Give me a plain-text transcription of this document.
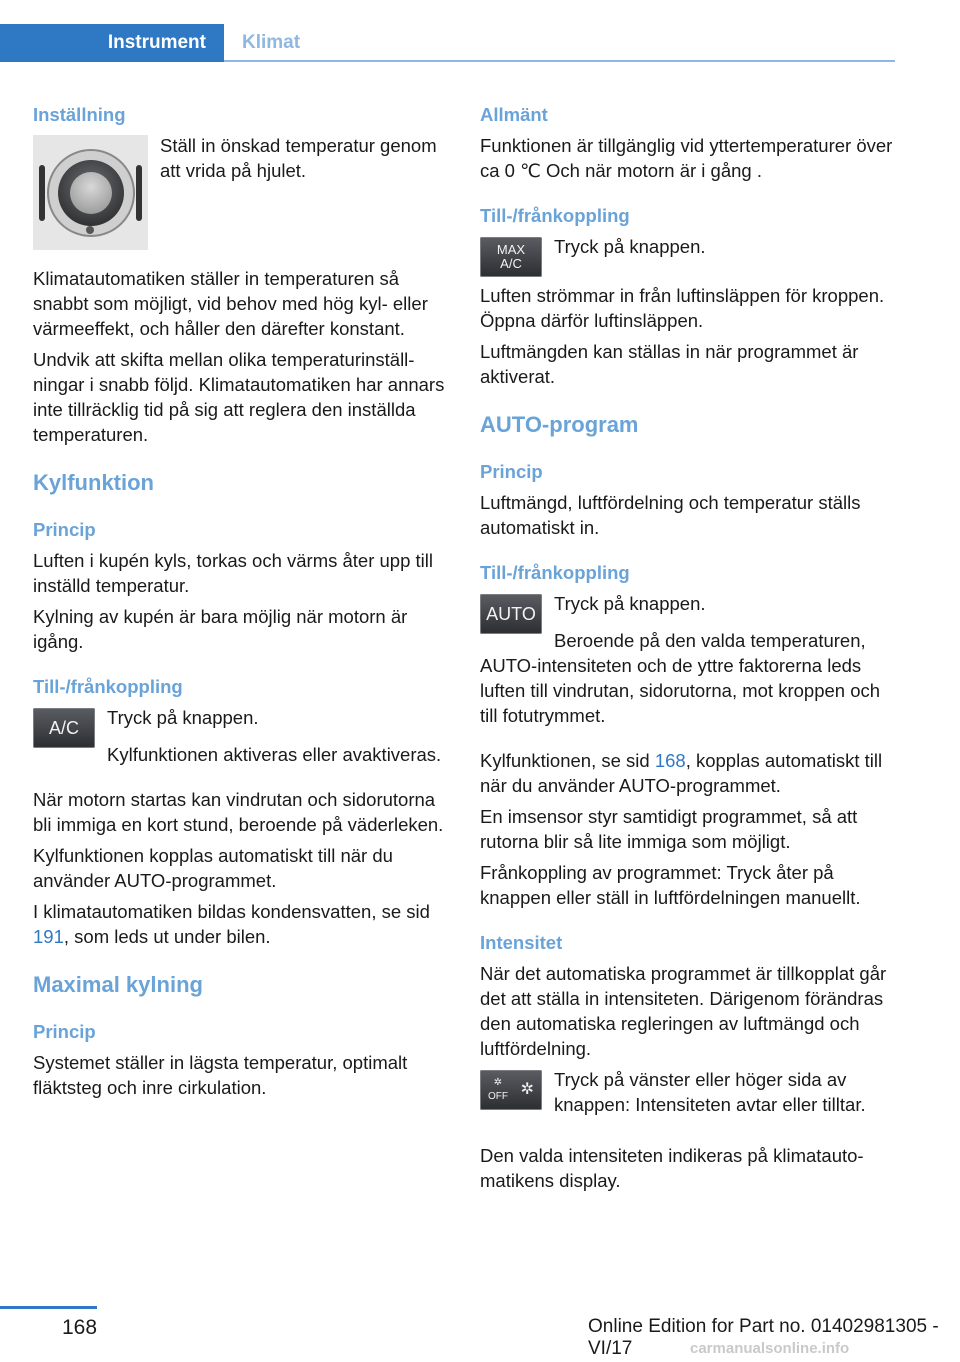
Instrument Klimat
Inställning

Ställ in önskad temperatur genom att vrida på hjulet.

Klimatautomatiken ställer in temperaturen så snabbt som möjligt, vid behov med hög kyl- eller värmeeffekt, och håller den därefter konstant.

Undvik att skifta mellan olika temperaturinställningar i snabb följd. Klimatautomatiken har annars inte tillräcklig tid på sig att reglera den inställda temperaturen.

Kylfunktion
Princip

Luften i kupén kyls, torkas och värms åter upp till inställd temperatur.

Kylning av kupén är bara möjlig när motorn är igång.

Till-/frånkoppling
A/C	Tryck på knappen.

Kylfunktionen aktiveras eller avaktiveras.

När motorn startas kan vindrutan och sidorutorna bli immiga en kort stund, beroende på väderleken.

Kylfunktionen kopplas automatiskt till när du använder AUTO-programmet.

I klimatautomatiken bildas kondensvatten, se sid 191, som leds ut under bilen.

Maximal kylning
Princip

Systemet ställer in lägsta temperatur, optimalt fläktsteg och inre cirkulation.

Allmänt

Funktionen är tillgänglig vid yttertemperaturer över ca 0 ℃ Och när motorn är i gång .

Till-/frånkoppling
MAX
A/C

Tryck på knappen.

Luften strömmar in från luftinsläppen för kroppen. Öppna därför luftinsläppen.

Luftmängden kan ställas in när programmet är aktiverat.

AUTO-program
Princip

Luftmängd, luftfördelning och temperatur ställs automatiskt in.

Till-/frånkoppling
AUTO Tryck på knappen.

Beroende på den valda temperaturen, AUTO-intensiteten och de yttre faktorerna leds luften till vindrutan, sidorutorna, mot kroppen och till fotutrymmet.

Kylfunktionen, se sid 168, kopplas automatiskt till när du använder AUTO-programmet.

En imsensor styr samtidigt programmet, så att rutorna blir så lite immiga som möjligt.

Frånkoppling av programmet: Tryck åter på knappen eller ställ in luftfördelningen manuellt.

Intensitet

När det automatiska programmet är tillkopplat går det att ställa in intensiteten. Därigenom förändras den automatiska regleringen av luftmängd och luftfördelning.

✲
OFF ✲ Tryck på vänster eller höger sida av knappen: Intensiteten avtar eller tilltar.

Den valda intensiteten indikeras på klimatautomatikens display.

168	Online Edition for Part no. 01402981305 - VI/17	carmanualsonline.info
